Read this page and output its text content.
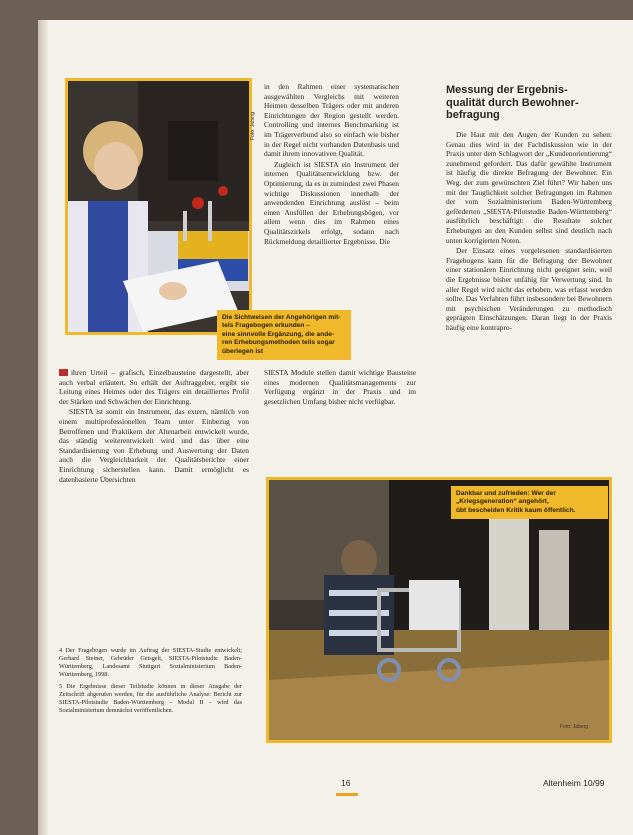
Foto: Jaberg
Die Sichtweisen der Angehörigen mit-
tels Fragebogen erkunden –
eine sinnvolle Ergänzung, die ande-
ren Erhebungsmethoden teils sogar
überlegen ist

in den Rahmen einer systematischen ausgewählten Vergleichs mit weiteren Heimen desselben Trägers oder mit anderen Einrichtungen der Region gestellt werden. Controlling und internes Benchmarking ist im Trägerverbund also so einfach wie bisher in der Regel nicht vorhanden Datenbasis und damit ihrem innovativen Qualität.

Zugleich ist SIESTA ein Instrument der internen Qualitätsentwicklung bzw. der Optimierung, da es in zumindest zwei Phasen wichtige Diskussionen innerhalb der anwendenden Einrichtung auslöst – beim einen Ausfüllen der Erhebungsbögen, vor allem wenn dies im Rahmen eines Qualitätszirkels erfolgt, sodann nach Rückmeldung detaillierter Ergebnisse. Die

Messung der Ergebnis-
qualität durch Bewohner-
befragung

Die Haut mit den Augen der Kunden zu sehen: Genau dies wird in der Fachdiskussion wie in der Praxis unter dem Schlagwort der „Kundenorientierung“ zunehmend gefordert. Das dafür gewählte Instrument ist häufig die direkte Befragung der Bewohner. Ein Weg, der zum gewünschten Ziel führt? Wir haben uns mit der Tauglichkeit solcher Befragungen im Rahmen der vom Sozialministerium Baden-Württemberg geförderten „SIESTA-Pilotstudie Baden-Württemberg“ ausführlich beschäftigt: die Resultate solcher Erhebungen an den Kunden selbst sind deutlich nach unten korrigierten Noten.

Der Einsatz eines vorgelesenen standardisierten Fragebogens kann für die Befragung der Bewohner einer stationären Einrichtung nicht geeignet sein, weil die Ergebnisse bisher unfähig für Verwertung sind. In aller Regel wird nicht das erhoben, was erfasst werden sollte. Das Verfahren führt insbesondere bei Bewohnern mit psychischen Veränderungen zu methodisch geprägten Einschätzungen. Daran liegt in der Praxis häufig eine kontrapro-

ihren Urteil – grafisch, Einzelbausteine dargestellt, aber auch verbal erläutert. So erhält der Auftraggeber, ergibt sie Leitung eines Heimes oder des Trägers ein detailliertes Profil der Stärken und Schwächen der Einrichtung.

SIESTA ist somit ein Instrument, das extern, nämlich von einem multiprofessionellen Team unter Einbezug von Betroffenen und Praktikern der Altenarbeit entwickelt wurde, das ständig weiterentwickelt wird und das über eine Standardisierung von Erhebung und Auswertung der Daten auch die Vergleichbarkeit der Qualitätsberichte einer Einrichtung sicherstellen kann. Damit ermöglicht es datenbasierte Übersichten

SIESTA Module stellen damit wichtige Bausteine eines modernen Qualitätsmanagements zur Verfügung ergänzt in der Praxis und im gesetzlichen Umfang bisher nicht verfügbar.

Dankbar und zufrieden: Wer der
„Kriegsgeneration“ angehört,
übt bescheiden Kritik kaum öffentlich.
Foto: Jaberg

4 Der Fragebogen wurde im Auftrag der SIESTA-Studie entwickelt; Gerhard Steiner, Gebrüder Geisgelt, SIESTA-Pilotstudie Baden-Württemberg, Landesamt Stuttgart Sozialministerium Baden-Württemberg, 1998.

5 Die Ergebnisse dieser Teilstudie können in dieser Ausgabe der Zeitschrift abgerufen werden, für die ausführliche Analyse: Bericht zur SIESTA-Pilotstudie Baden-Württemberg – Modul II – wird das Sozialministerium demnächst veröffentlichen.

16	Altenheim 10/99
